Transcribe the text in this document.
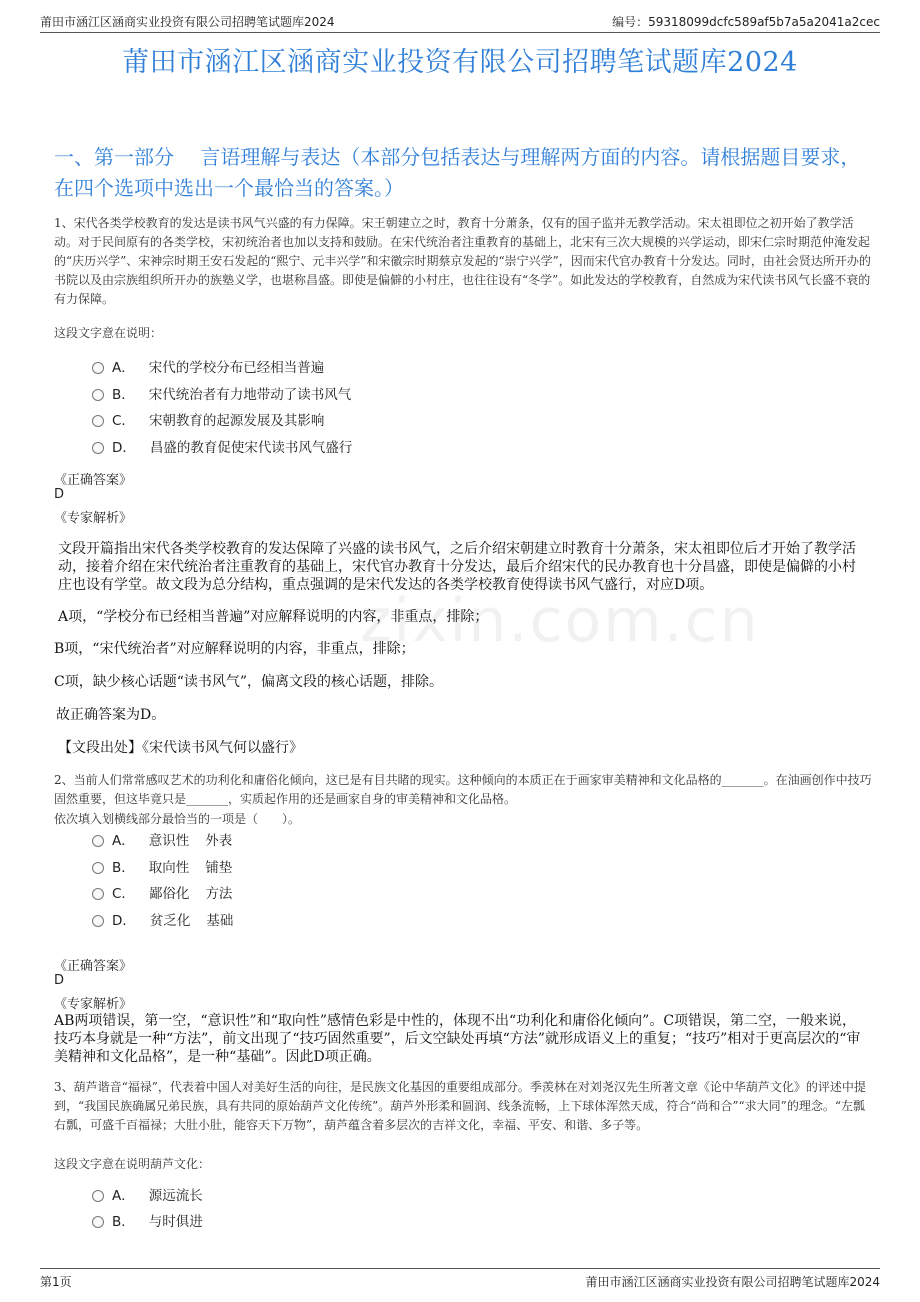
莆田市涵江区涵商实业投资有限公司招聘笔试题库2024	编号：59318099dcfc589af5b7a5a2041a2cec
莆田市涵江区涵商实业投资有限公司招聘笔试题库2024
一、第一部分　 言语理解与表达（本部分包括表达与理解两方面的内容。请根据题目要求，在四个选项中选出一个最恰当的答案。）
1、宋代各类学校教育的发达是读书风气兴盛的有力保障。宋王朝建立之时，教育十分萧条，仅有的国子监并无教学活动。宋太祖即位之初开始了教学活动。对于民间原有的各类学校，宋初统治者也加以支持和鼓励。在宋代统治者注重教育的基础上，北宋有三次大规模的兴学运动，即宋仁宗时期范仲淹发起的“庆历兴学”、宋神宗时期王安石发起的“熙宁、元丰兴学”和宋徽宗时期蔡京发起的“崇宁兴学”，因而宋代官办教育十分发达。同时，由社会贤达所开办的书院以及由宗族组织所开办的族塾义学，也堪称昌盛。即使是偏僻的小村庄，也往往设有“冬学”。如此发达的学校教育，自然成为宋代读书风气长盛不衰的有力保障。
这段文字意在说明：
A． 宋代的学校分布已经相当普遍
B． 宋代统治者有力地带动了读书风气
C． 宋朝教育的起源发展及其影响
D． 昌盛的教育促使宋代读书风气盛行
《正确答案》
D
《专家解析》
文段开篇指出宋代各类学校教育的发达保障了兴盛的读书风气，之后介绍宋朝建立时教育十分萧条，宋太祖即位后才开始了教学活动，接着介绍在宋代统治者注重教育的基础上，宋代官办教育十分发达，最后介绍宋代的民办教育也十分昌盛，即使是偏僻的小村庄也设有学堂。故文段为总分结构，重点强调的是宋代发达的各类学校教育使得读书风气盛行，对应D项。
A项，“学校分布已经相当普遍”对应解释说明的内容，非重点，排除；
B项，“宋代统治者”对应解释说明的内容，非重点，排除；
C项，缺少核心话题“读书风气”，偏离文段的核心话题，排除。
故正确答案为D。
【文段出处】《宋代读书风气何以盛行》
zixin.com.cn
2、当前人们常常感叹艺术的功利化和庸俗化倾向，这已是有目共睹的现实。这种倾向的本质正在于画家审美精神和文化品格的_______。在油画创作中技巧固然重要，但这毕竟只是_______，实质起作用的还是画家自身的审美精神和文化品格。
依次填入划横线部分最恰当的一项是（　　）。
A． 意识性 外表
B． 取向性 铺垫
C． 鄙俗化 方法
D． 贫乏化 基础
《正确答案》
D
《专家解析》
AB两项错误，第一空，“意识性”和“取向性”感情色彩是中性的，体现不出“功利化和庸俗化倾向”。C项错误，第二空，一般来说，技巧本身就是一种“方法”，前文出现了“技巧固然重要”，后文空缺处再填“方法”就形成语义上的重复；“技巧”相对于更高层次的“审美精神和文化品格”，是一种“基础”。因此D项正确。
3、葫芦谐音“福禄”，代表着中国人对美好生活的向往，是民族文化基因的重要组成部分。季羡林在对刘尧汉先生所著文章《论中华葫芦文化》的评述中提到，“我国民族确属兄弟民族，具有共同的原始葫芦文化传统”。葫芦外形柔和圆润、线条流畅，上下球体浑然天成，符合“尚和合”“求大同”的理念。“左瓢右瓢，可盛千百福禄；大肚小肚，能容天下万物”，葫芦蕴含着多层次的吉祥文化，幸福、平安、和谐、多子等。
这段文字意在说明葫芦文化：
A． 源远流长
B． 与时俱进
第1页	莆田市涵江区涵商实业投资有限公司招聘笔试题库2024
